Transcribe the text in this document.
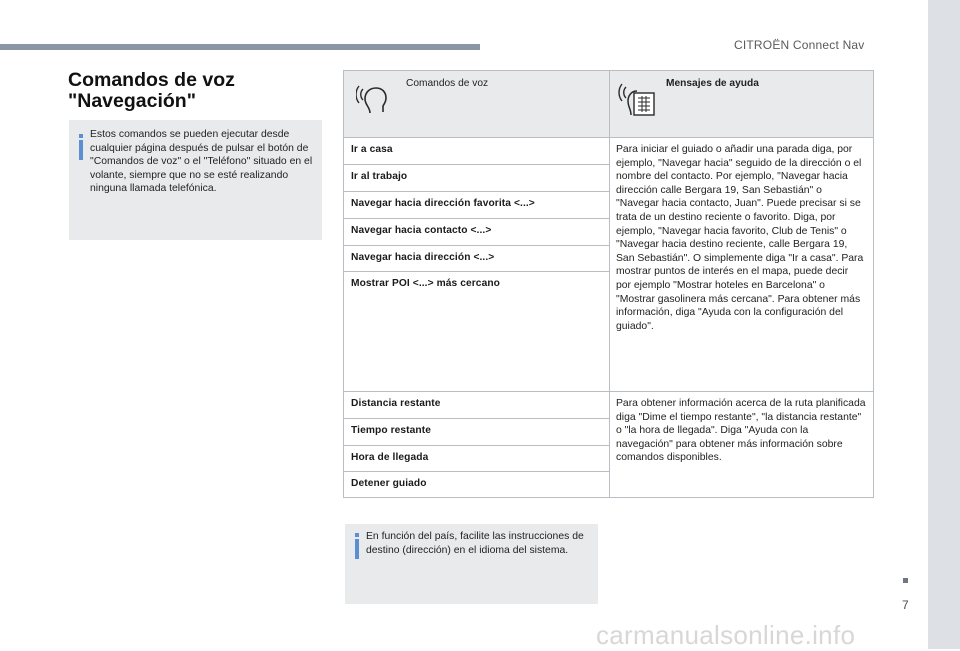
CITROËN Connect Nav
7
carmanualsonline.info
Comandos de voz
"Navegación"
Estos comandos se pueden ejecutar desde cualquier página después de pulsar el botón de "Comandos de voz" o el "Teléfono" situado en el volante, siempre que no se esté realizando ninguna llamada telefónica.
Comandos de voz	Mensajes de ayuda
Ir a casa
Ir al trabajo
Navegar hacia dirección favorita <...>
Navegar hacia contacto <...>
Navegar hacia dirección <...>
Mostrar POI <...> más cercano
Para iniciar el guiado o añadir una parada diga, por ejemplo, "Navegar hacia" seguido de la dirección o el nombre del contacto. Por ejemplo, "Navegar hacia dirección calle Bergara 19, San Sebastián" o "Navegar hacia contacto, Juan". Puede precisar si se trata de un destino reciente o favorito. Diga, por ejemplo, "Navegar hacia favorito, Club de Tenis" o "Navegar hacia destino reciente, calle Bergara 19, San Sebastián". O simplemente diga "Ir a casa". Para mostrar puntos de interés en el mapa, puede decir por ejemplo "Mostrar hoteles en Barcelona" o "Mostrar gasolinera más cercana". Para obtener más información, diga "Ayuda con la configuración del guiado".
Distancia restante
Tiempo restante
Hora de llegada
Detener guiado
Para obtener información acerca de la ruta planificada diga "Dime el tiempo restante", "la distancia restante" o "la hora de llegada". Diga "Ayuda con la navegación" para obtener más información sobre comandos disponibles.
En función del país, facilite las instrucciones de destino (dirección) en el idioma del sistema.
